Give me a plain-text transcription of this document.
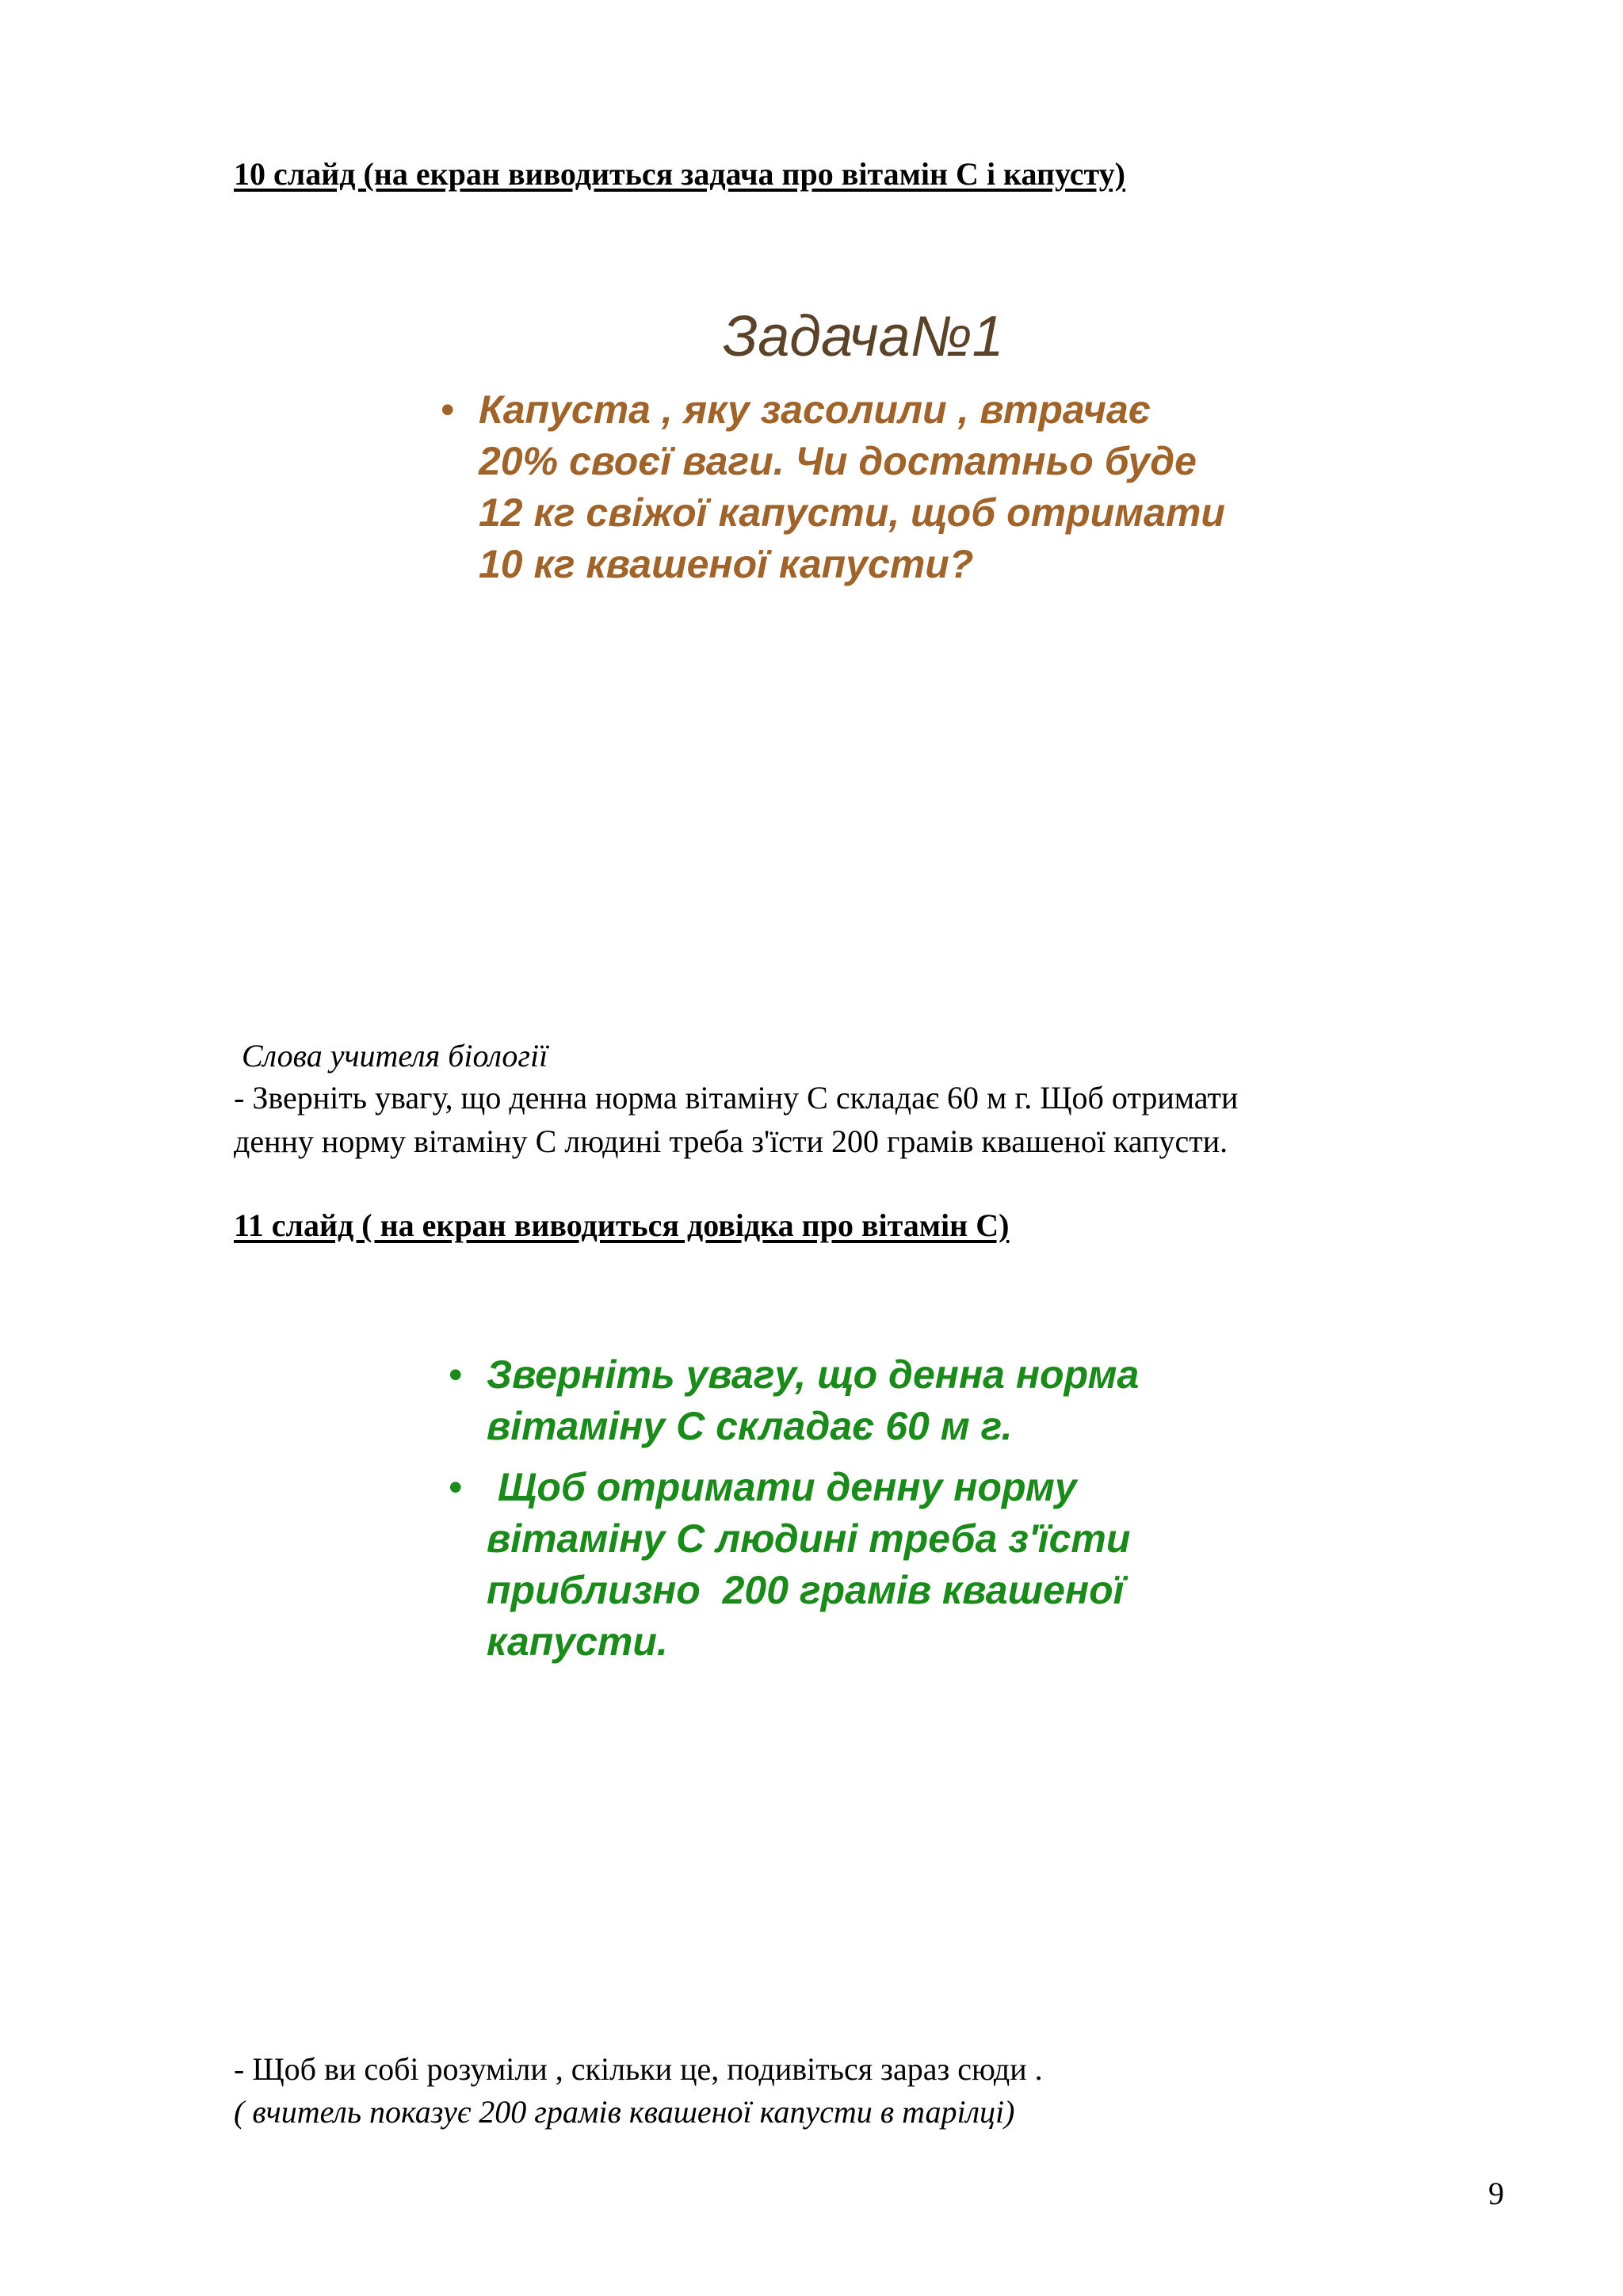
10 слайд (на екран виводиться задача про вітамін С і капусту)
Задача№1
• Капуста , яку засолили , втрачає
20% своєї ваги. Чи достатньо буде
12 кг свіжої капусти, щоб отримати
10 кг квашеної капусти?
Слова учителя біології
- Зверніть увагу, що денна норма вітаміну С складає 60 м г. Щоб отримати
денну норму вітаміну С людині треба з'їсти 200 грамів квашеної капусти.
11 слайд ( на екран виводиться довідка про вітамін С)
• Зверніть увагу, що денна норма
вітаміну С складає 60 м г.
• Щоб отримати денну норму
вітаміну С людині треба з'їсти
приблизно  200 грамів квашеної
капусти.
- Щоб ви собі розуміли , скільки це, подивіться зараз сюди .
( вчитель показує 200 грамів квашеної капусти в тарілці)
9
